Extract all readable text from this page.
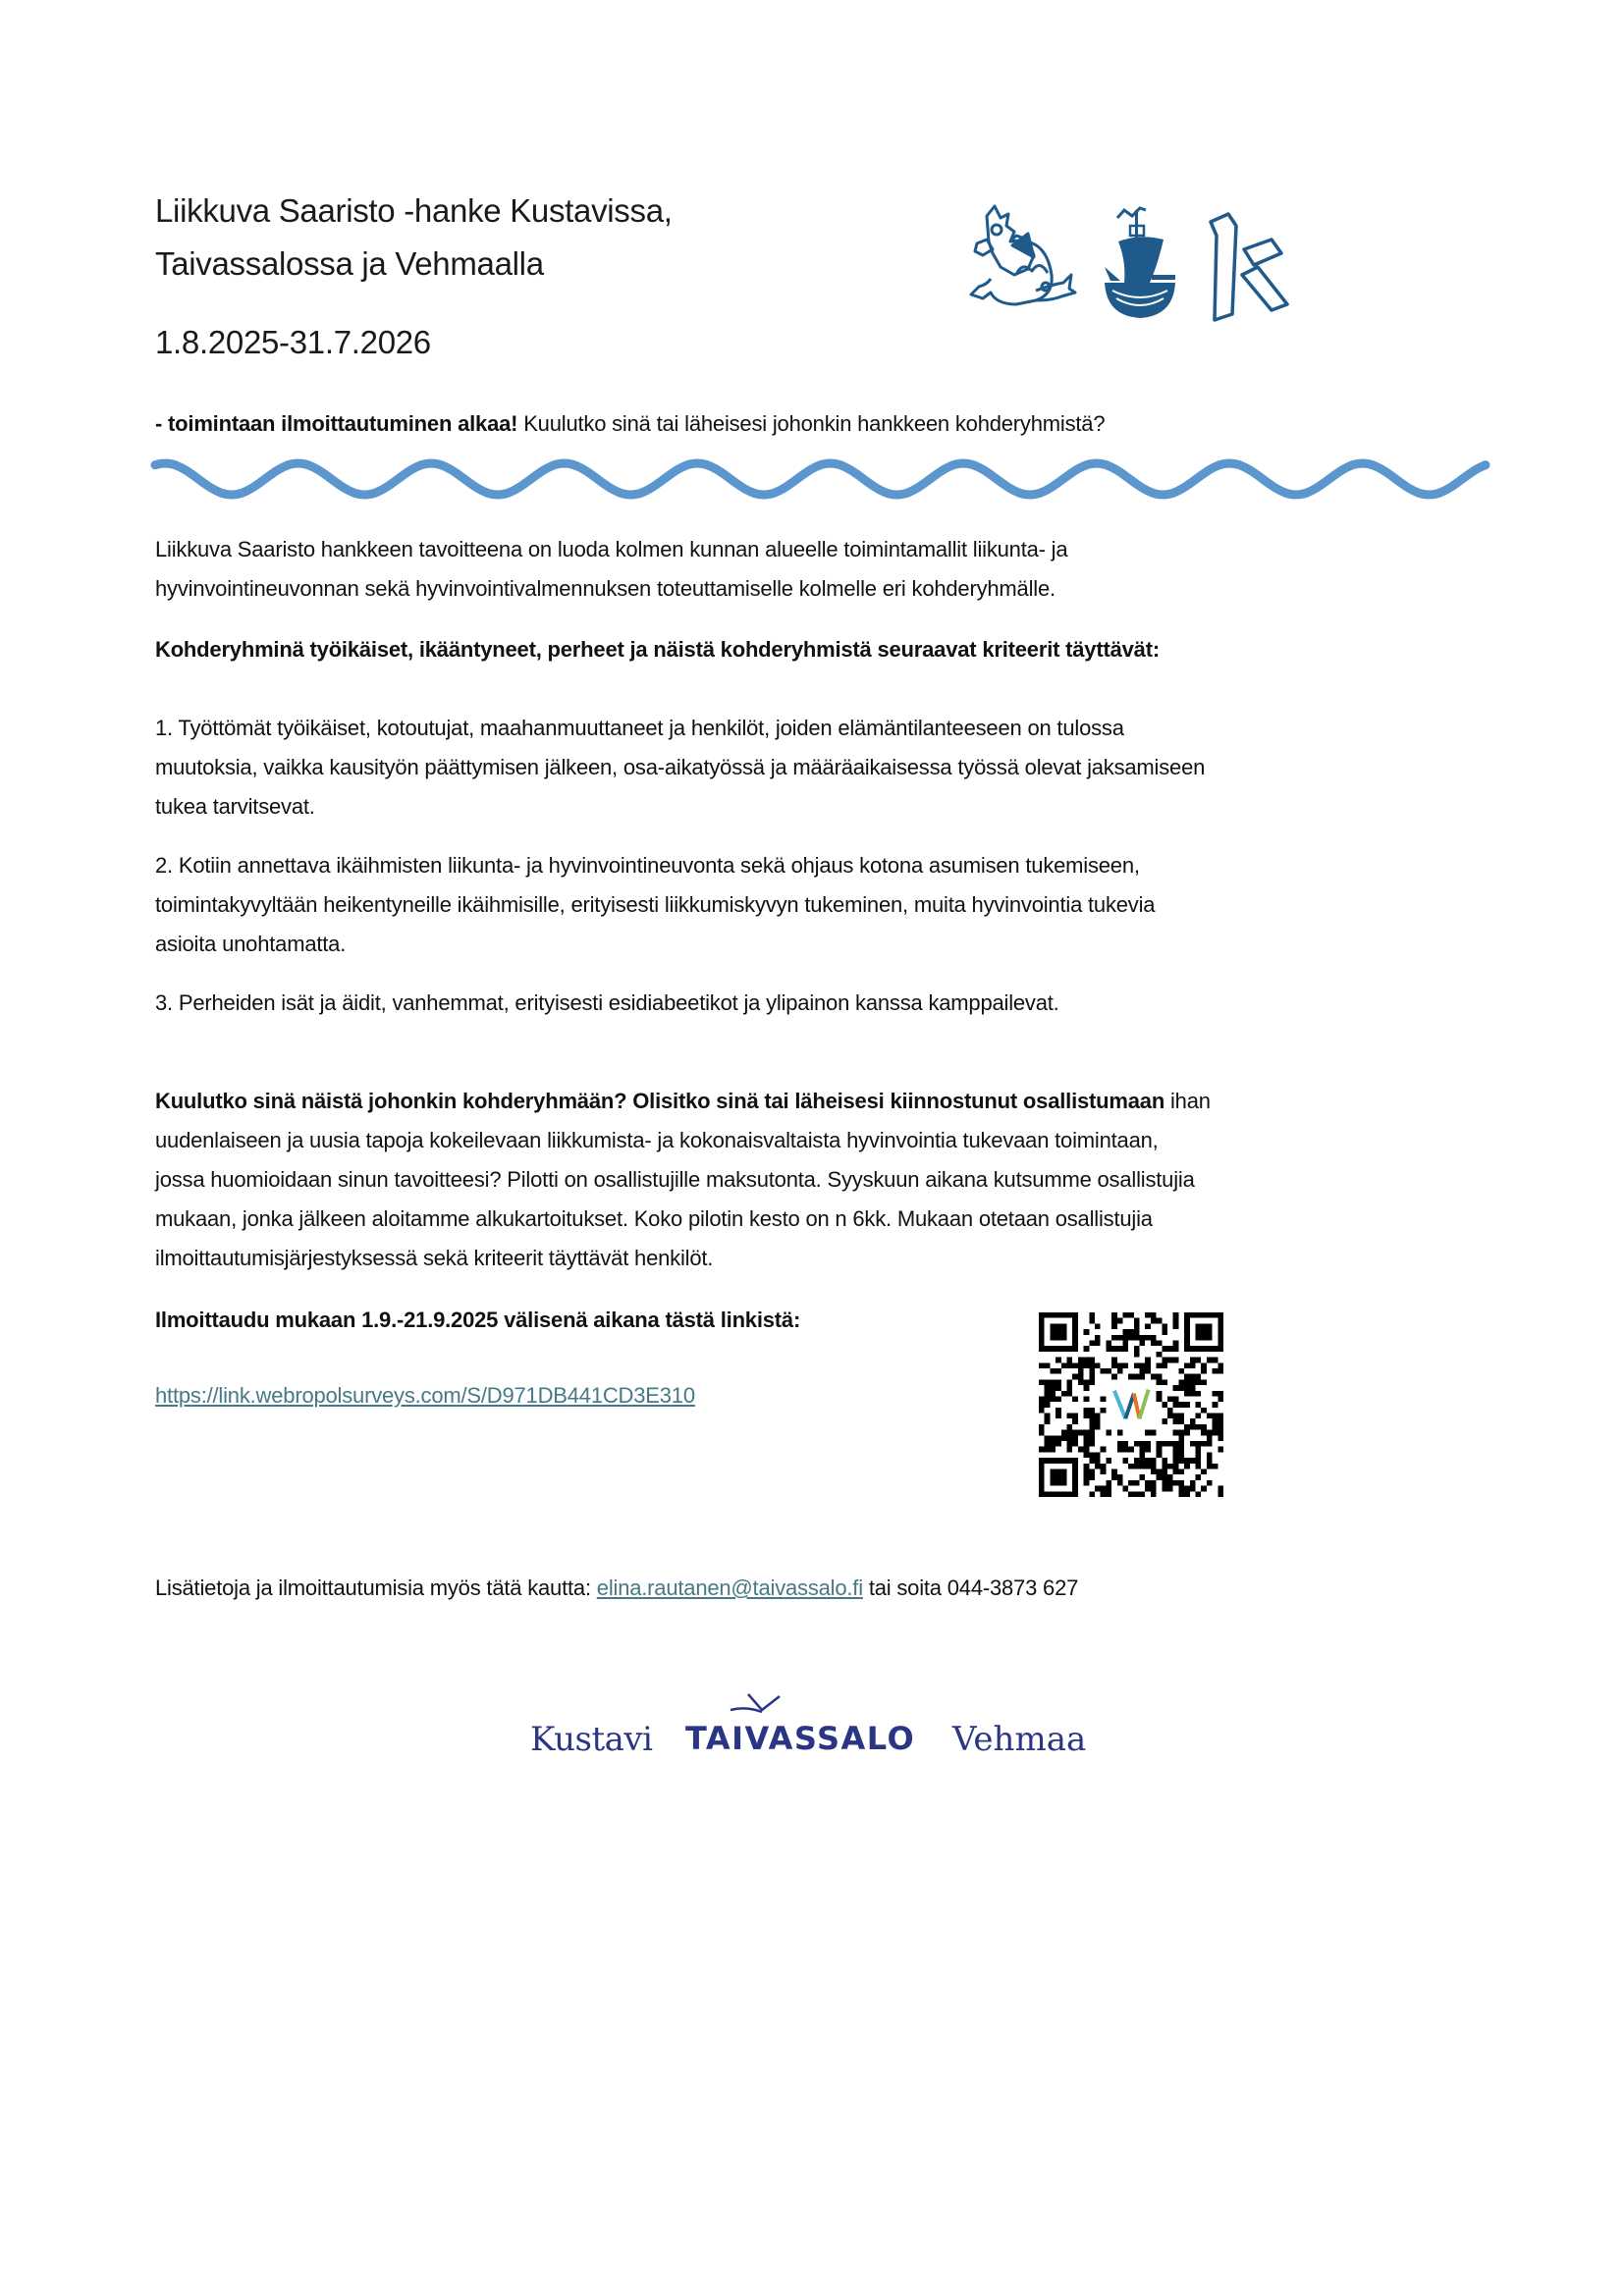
Liikkuva Saaristo -hanke Kustavissa,
Taivassalossa ja Vehmaalla
1.8.2025-31.7.2026
- toimintaan ilmoittautuminen alkaa! Kuulutko sinä tai läheisesi johonkin hankkeen kohderyhmistä?
Liikkuva Saaristo hankkeen tavoitteena on luoda kolmen kunnan alueelle toimintamallit liikunta- ja
hyvinvointineuvonnan sekä hyvinvointivalmennuksen toteuttamiselle kolmelle eri kohderyhmälle.
Kohderyhminä työikäiset, ikääntyneet, perheet ja näistä kohderyhmistä seuraavat kriteerit täyttävät:
1. Työttömät työikäiset, kotoutujat, maahanmuuttaneet ja henkilöt, joiden elämäntilanteeseen on tulossa
muutoksia, vaikka kausityön päättymisen jälkeen, osa-aikatyössä ja määräaikaisessa työssä olevat jaksamiseen
tukea tarvitsevat.
2. Kotiin annettava ikäihmisten liikunta- ja hyvinvointineuvonta sekä ohjaus kotona asumisen tukemiseen,
toimintakyvyltään heikentyneille ikäihmisille, erityisesti liikkumiskyvyn tukeminen, muita hyvinvointia tukevia
asioita unohtamatta.
3. Perheiden isät ja äidit, vanhemmat, erityisesti esidiabeetikot ja ylipainon kanssa kamppailevat.
Kuulutko sinä näistä johonkin kohderyhmään? Olisitko sinä tai läheisesi kiinnostunut osallistumaan ihan
uudenlaiseen ja uusia tapoja kokeilevaan liikkumista- ja kokonaisvaltaista hyvinvointia tukevaan toimintaan,
jossa huomioidaan sinun tavoitteesi? Pilotti on osallistujille maksutonta. Syyskuun aikana kutsumme osallistujia
mukaan, jonka jälkeen aloitamme alkukartoitukset. Koko pilotin kesto on n 6kk. Mukaan otetaan osallistujia
ilmoittautumisjärjestyksessä sekä kriteerit täyttävät henkilöt.
Ilmoittaudu mukaan 1.9.-21.9.2025 välisenä aikana tästä linkistä:
https://link.webropolsurveys.com/S/D971DB441CD3E310
Lisätietoja ja ilmoittautumisia myös tätä kautta: elina.rautanen@taivassalo.fi tai soita 044-3873 627
Kustavi TAIVASSALO Vehmaa
